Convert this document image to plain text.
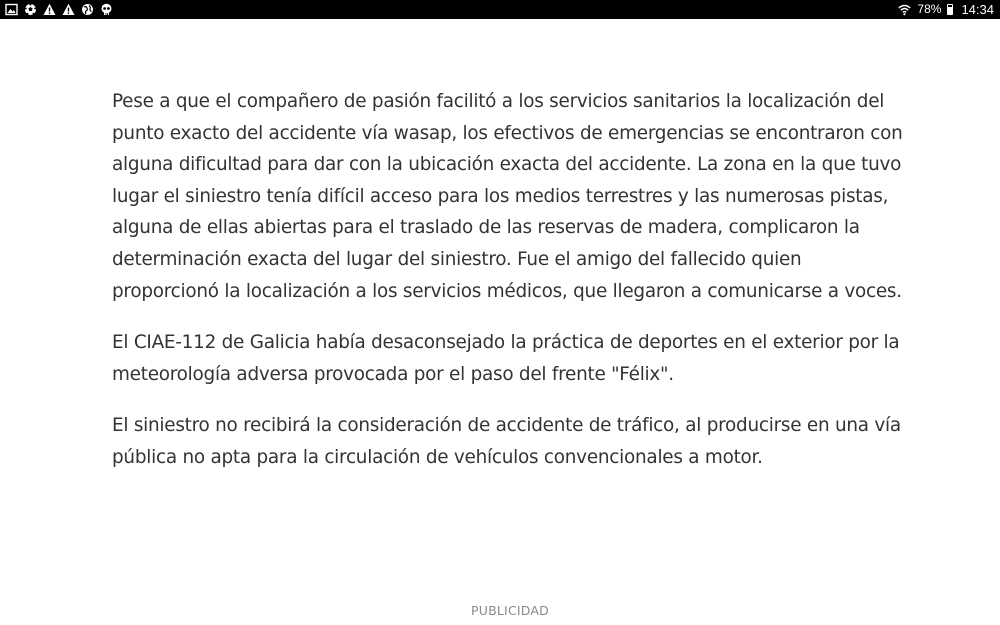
78% 14:34

Pese a que el compañero de pasión facilitó a los servicios sanitarios la localización del punto exacto del accidente vía wasap, los efectivos de emergencias se encontraron con alguna dificultad para dar con la ubicación exacta del accidente. La zona en la que tuvo lugar el siniestro tenía difícil acceso para los medios terrestres y las numerosas pistas, alguna de ellas abiertas para el traslado de las reservas de madera, complicaron la determinación exacta del lugar del siniestro. Fue el amigo del fallecido quien proporcionó la localización a los servicios médicos, que llegaron a comunicarse a voces.

El CIAE-112 de Galicia había desaconsejado la práctica de deportes en el exterior por la meteorología adversa provocada por el paso del frente "Félix".

El siniestro no recibirá la consideración de accidente de tráfico, al producirse en una vía pública no apta para la circulación de vehículos convencionales a motor.

PUBLICIDAD
